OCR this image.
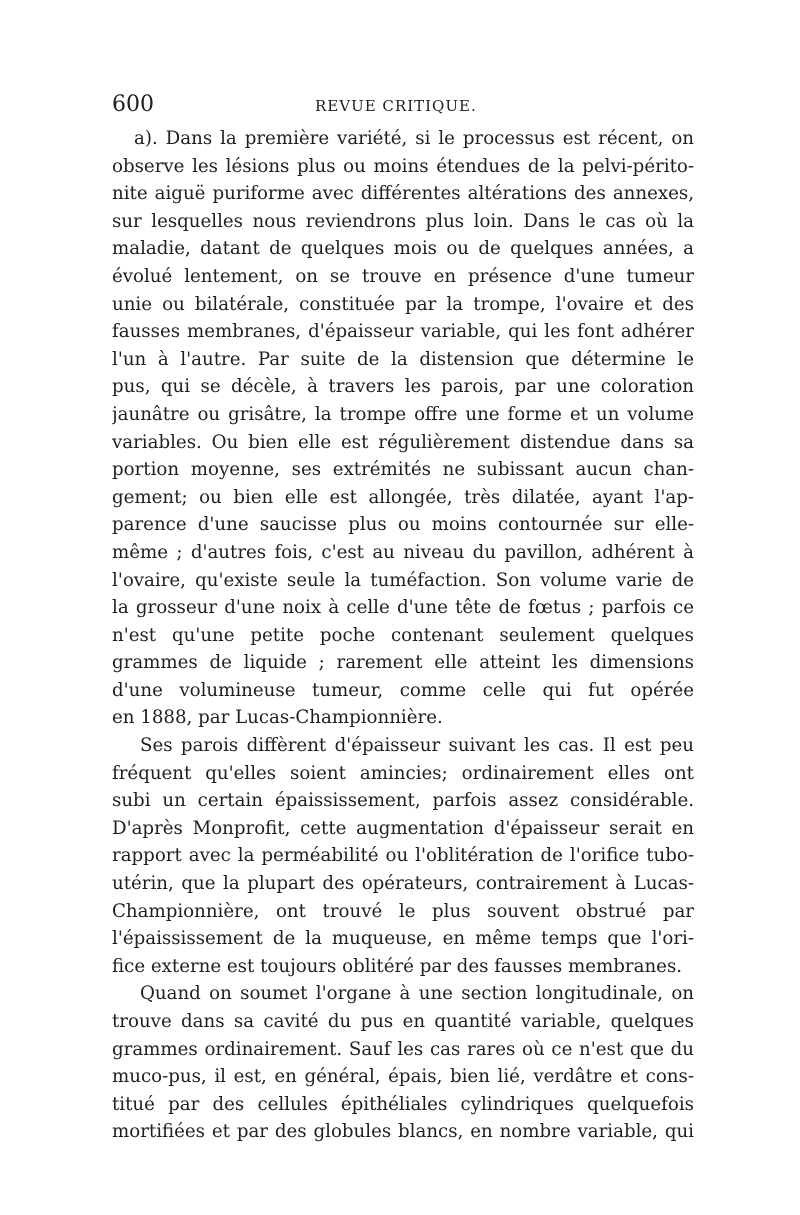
600	REVUE CRITIQUE.
a). Dans la première variété, si le processus est récent, on
observe les lésions plus ou moins étendues de la pelvi-périto-
nite aiguë puriforme avec différentes altérations des annexes,
sur lesquelles nous reviendrons plus loin. Dans le cas où la
maladie, datant de quelques mois ou de quelques années, a
évolué lentement, on se trouve en présence d'une tumeur
unie ou bilatérale, constituée par la trompe, l'ovaire et des
fausses membranes, d'épaisseur variable, qui les font adhérer
l'un à l'autre. Par suite de la distension que détermine le
pus, qui se décèle, à travers les parois, par une coloration
jaunâtre ou grisâtre, la trompe offre une forme et un volume
variables. Ou bien elle est régulièrement distendue dans sa
portion moyenne, ses extrémités ne subissant aucun chan-
gement; ou bien elle est allongée, très dilatée, ayant l'ap-
parence d'une saucisse plus ou moins contournée sur elle-
même ; d'autres fois, c'est au niveau du pavillon, adhérent à
l'ovaire, qu'existe seule la tuméfaction. Son volume varie de
la grosseur d'une noix à celle d'une tête de fœtus ; parfois ce
n'est qu'une petite poche contenant seulement quelques
grammes de liquide ; rarement elle atteint les dimensions
d'une volumineuse tumeur, comme celle qui fut opérée
en 1888, par Lucas-Championnière.
Ses parois diffèrent d'épaisseur suivant les cas. Il est peu
fréquent qu'elles soient amincies; ordinairement elles ont
subi un certain épaississement, parfois assez considérable.
D'après Monprofit, cette augmentation d'épaisseur serait en
rapport avec la perméabilité ou l'oblitération de l'orifice tubo-
utérin, que la plupart des opérateurs, contrairement à Lucas-
Championnière, ont trouvé le plus souvent obstrué par
l'épaississement de la muqueuse, en même temps que l'ori-
fice externe est toujours oblitéré par des fausses membranes.
Quand on soumet l'organe à une section longitudinale, on
trouve dans sa cavité du pus en quantité variable, quelques
grammes ordinairement. Sauf les cas rares où ce n'est que du
muco-pus, il est, en général, épais, bien lié, verdâtre et cons-
titué par des cellules épithéliales cylindriques quelquefois
mortifiées et par des globules blancs, en nombre variable, qui
